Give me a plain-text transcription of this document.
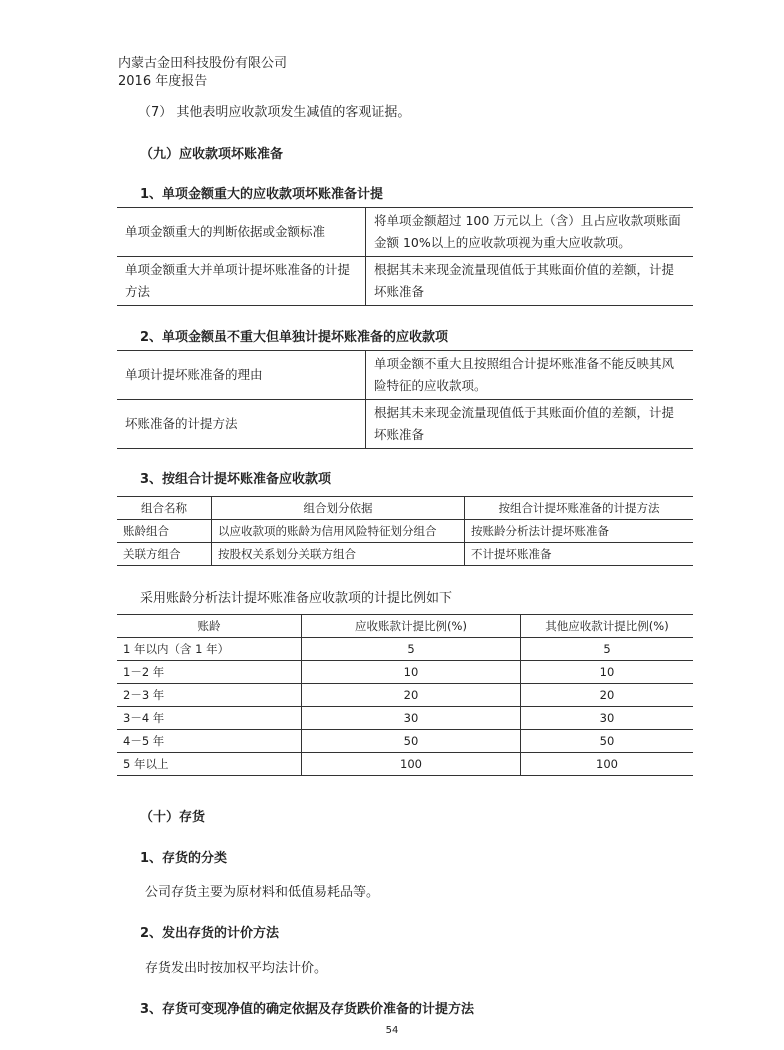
内蒙古金田科技股份有限公司
2016 年度报告
（7） 其他表明应收款项发生减值的客观证据。
（九）应收款项坏账准备
1、单项金额重大的应收款项坏账准备计提
单项金额重大的判断依据或金额标准	将单项金额超过 100 万元以上（含）且占应收款项账面金额 10%以上的应收款项视为重大应收款项。
单项金额重大并单项计提坏账准备的计提方法	根据其未来现金流量现值低于其账面价值的差额，计提坏账准备
2、单项金额虽不重大但单独计提坏账准备的应收款项
单项计提坏账准备的理由	单项金额不重大且按照组合计提坏账准备不能反映其风险特征的应收款项。
坏账准备的计提方法	根据其未来现金流量现值低于其账面价值的差额，计提坏账准备
3、按组合计提坏账准备应收款项
组合名称	组合划分依据	按组合计提坏账准备的计提方法
账龄组合	以应收款项的账龄为信用风险特征划分组合	按账龄分析法计提坏账准备
关联方组合	按股权关系划分关联方组合	不计提坏账准备
采用账龄分析法计提坏账准备应收款项的计提比例如下
账龄	应收账款计提比例(%)	其他应收款计提比例(%)
1 年以内（含 1 年）	5	5
1－2 年	10	10
2－3 年	20	20
3－4 年	30	30
4－5 年	50	50
5 年以上	100	100
（十）存货
1、存货的分类
公司存货主要为原材料和低值易耗品等。
2、发出存货的计价方法
存货发出时按加权平均法计价。
3、存货可变现净值的确定依据及存货跌价准备的计提方法
54
